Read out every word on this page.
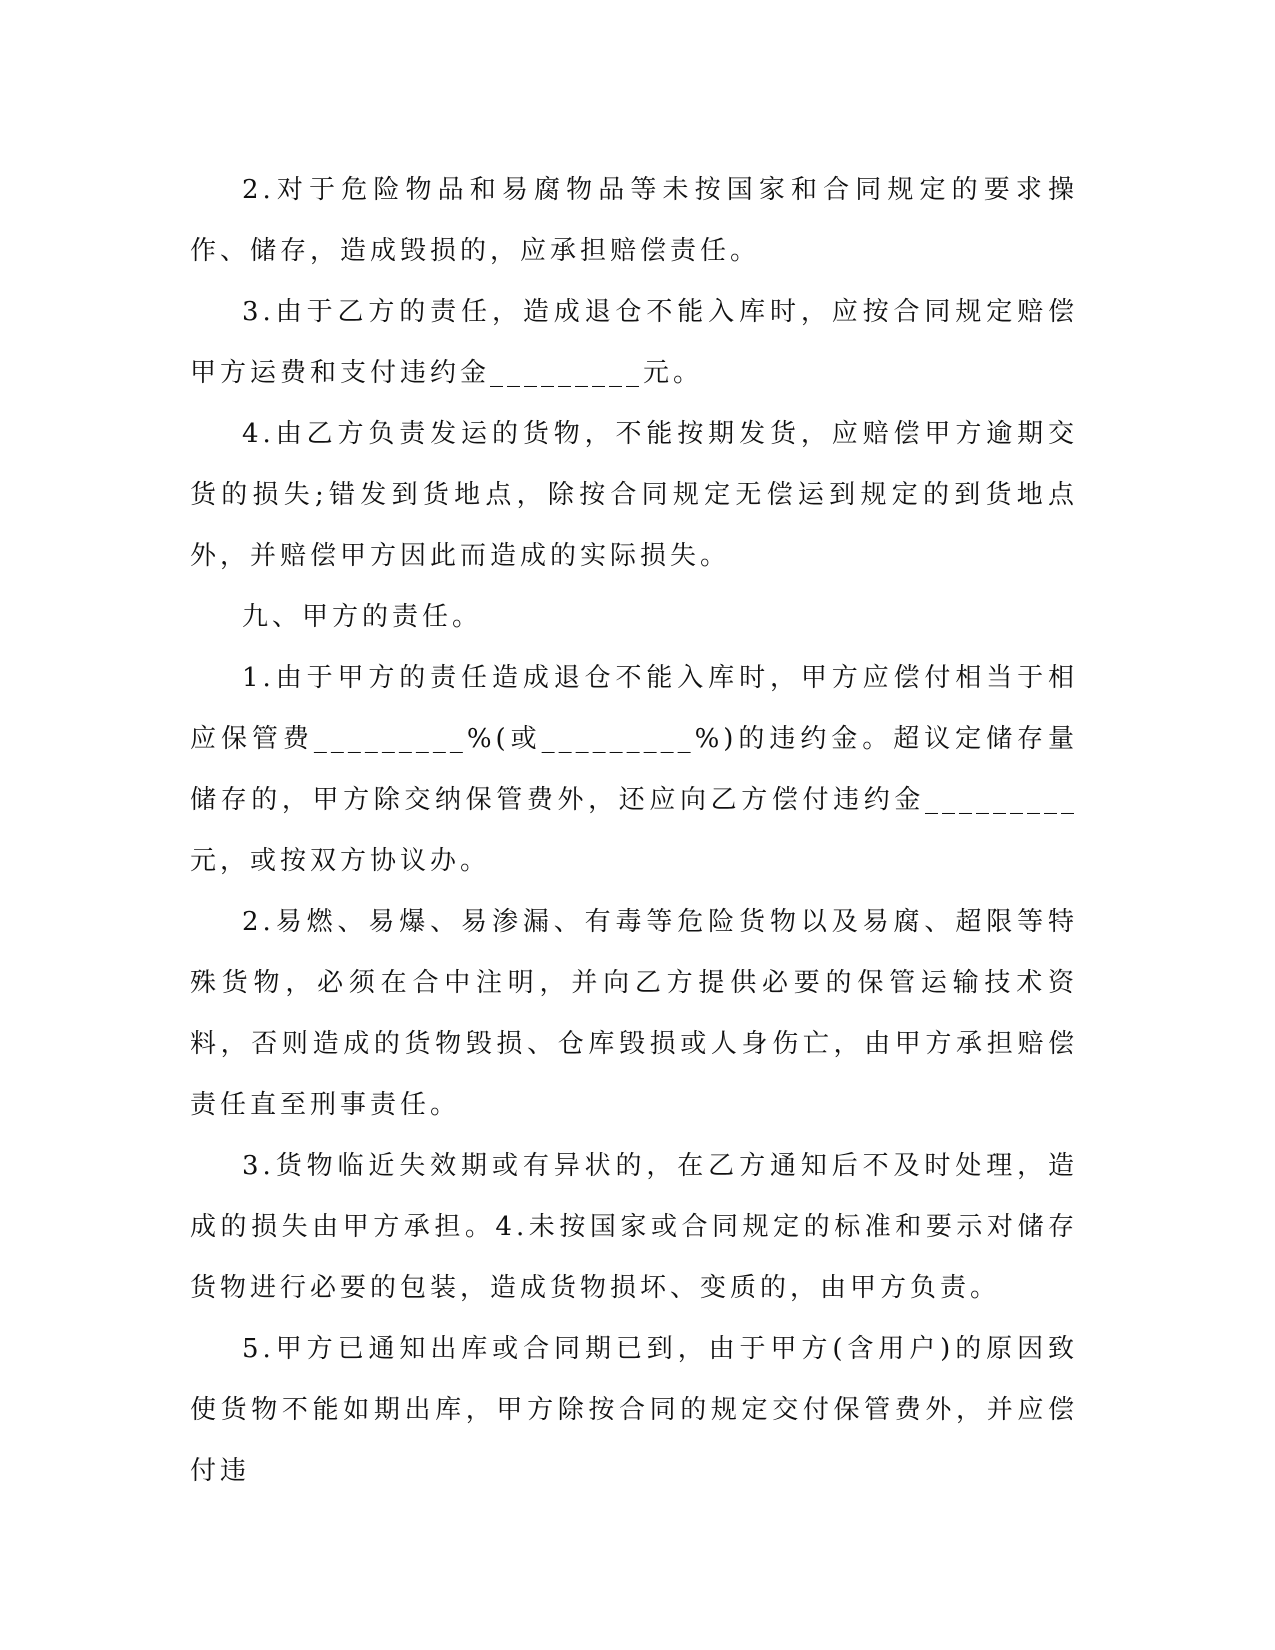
2.对于危险物品和易腐物品等未按国家和合同规定的要求操作、储存，造成毁损的，应承担赔偿责任。

3.由于乙方的责任，造成退仓不能入库时，应按合同规定赔偿甲方运费和支付违约金_________元。

4.由乙方负责发运的货物，不能按期发货，应赔偿甲方逾期交货的损失;错发到货地点，除按合同规定无偿运到规定的到货地点外，并赔偿甲方因此而造成的实际损失。

九、甲方的责任。

1.由于甲方的责任造成退仓不能入库时，甲方应偿付相当于相应保管费_________%(或_________%)的违约金。超议定储存量储存的，甲方除交纳保管费外，还应向乙方偿付违约金_________元，或按双方协议办。

2.易燃、易爆、易渗漏、有毒等危险货物以及易腐、超限等特殊货物，必须在合中注明，并向乙方提供必要的保管运输技术资料，否则造成的货物毁损、仓库毁损或人身伤亡，由甲方承担赔偿责任直至刑事责任。

3.货物临近失效期或有异状的，在乙方通知后不及时处理，造成的损失由甲方承担。4.未按国家或合同规定的标准和要示对储存货物进行必要的包装，造成货物损坏、变质的，由甲方负责。

5.甲方已通知出库或合同期已到，由于甲方(含用户)的原因致使货物不能如期出库，甲方除按合同的规定交付保管费外，并应偿付违
